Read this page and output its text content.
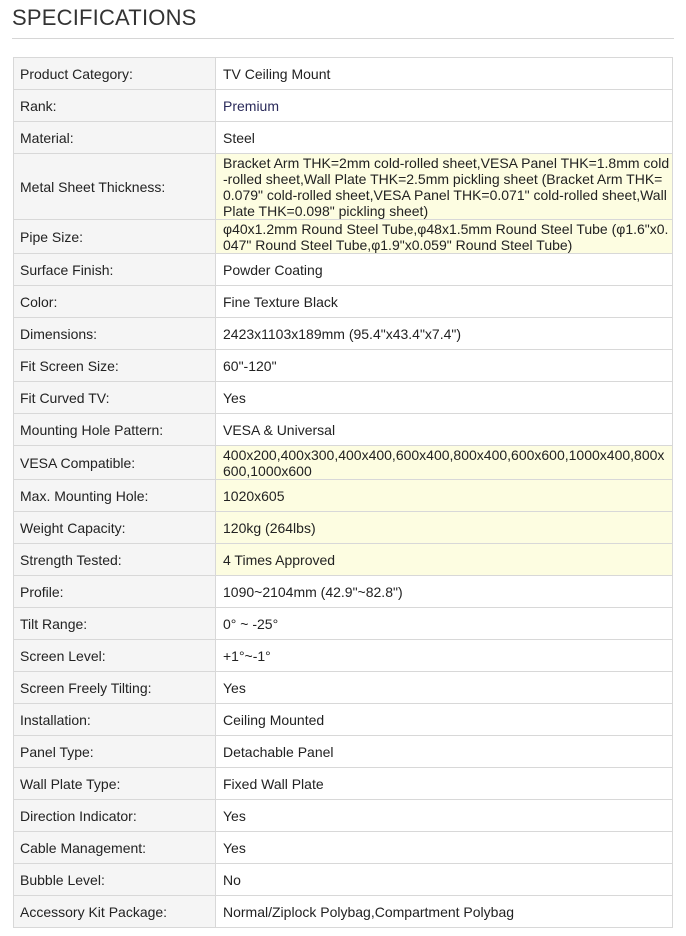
SPECIFICATIONS
Product Category:	TV Ceiling Mount
Rank:	Premium
Material:	Steel
Metal Sheet Thickness:	Bracket Arm THK=2mm cold-rolled sheet,VESA Panel THK=1.8mm cold-rolled sheet,Wall Plate THK=2.5mm pickling sheet (Bracket Arm THK=0.079" cold-rolled sheet,VESA Panel THK=0.071" cold-rolled sheet,Wall Plate THK=0.098" pickling sheet)
Pipe Size:	φ40x1.2mm Round Steel Tube,φ48x1.5mm Round Steel Tube (φ1.6"x0.047" Round Steel Tube,φ1.9"x0.059" Round Steel Tube)
Surface Finish:	Powder Coating
Color:	Fine Texture Black
Dimensions:	2423x1103x189mm (95.4"x43.4"x7.4")
Fit Screen Size:	60"-120"
Fit Curved TV:	Yes
Mounting Hole Pattern:	VESA & Universal
VESA Compatible:	400x200,400x300,400x400,600x400,800x400,600x600,1000x400,800x600,1000x600
Max. Mounting Hole:	1020x605
Weight Capacity:	120kg (264lbs)
Strength Tested:	4 Times Approved
Profile:	1090~2104mm (42.9"~82.8")
Tilt Range:	0° ~ -25°
Screen Level:	+1°~-1°
Screen Freely Tilting:	Yes
Installation:	Ceiling Mounted
Panel Type:	Detachable Panel
Wall Plate Type:	Fixed Wall Plate
Direction Indicator:	Yes
Cable Management:	Yes
Bubble Level:	No
Accessory Kit Package:	Normal/Ziplock Polybag,Compartment Polybag
